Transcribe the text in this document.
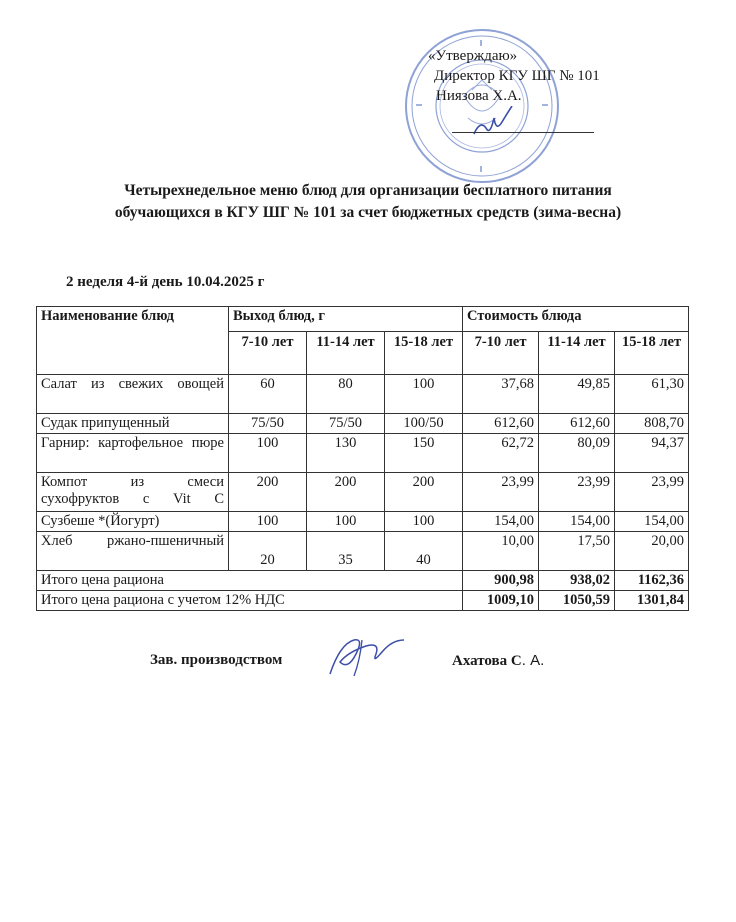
«Утверждаю»
Директор КГУ ШГ № 101
Ниязова Х.А.
Четырехнедельное меню блюд для организации бесплатного питания
обучающихся в КГУ ШГ № 101 за счет бюджетных средств (зима-весна)
2 неделя 4-й день 10.04.2025 г
Наименование блюд	Выход блюд, г			Стоимость блюда		
	7-10 лет	11-14 лет	15-18 лет	7-10 лет	11-14 лет	15-18 лет
Салат из свежих овощей	60	80	100	37,68	49,85	61,30
Судак припущенный	75/50	75/50	100/50	612,60	612,60	808,70
Гарнир: картофельное пюре	100	130	150	62,72	80,09	94,37
Компот из смеси сухофруктов с Vit C	200	200	200	23,99	23,99	23,99
Сузбеше *(Йогурт)	100	100	100	154,00	154,00	154,00
Хлеб ржано-пшеничный	20	35	40	10,00	17,50	20,00
Итого цена рациона				900,98	938,02	1162,36
Итого цена рациона с учетом 12% НДС				1009,10	1050,59	1301,84
Зав. производством	Ахатова С. А.
